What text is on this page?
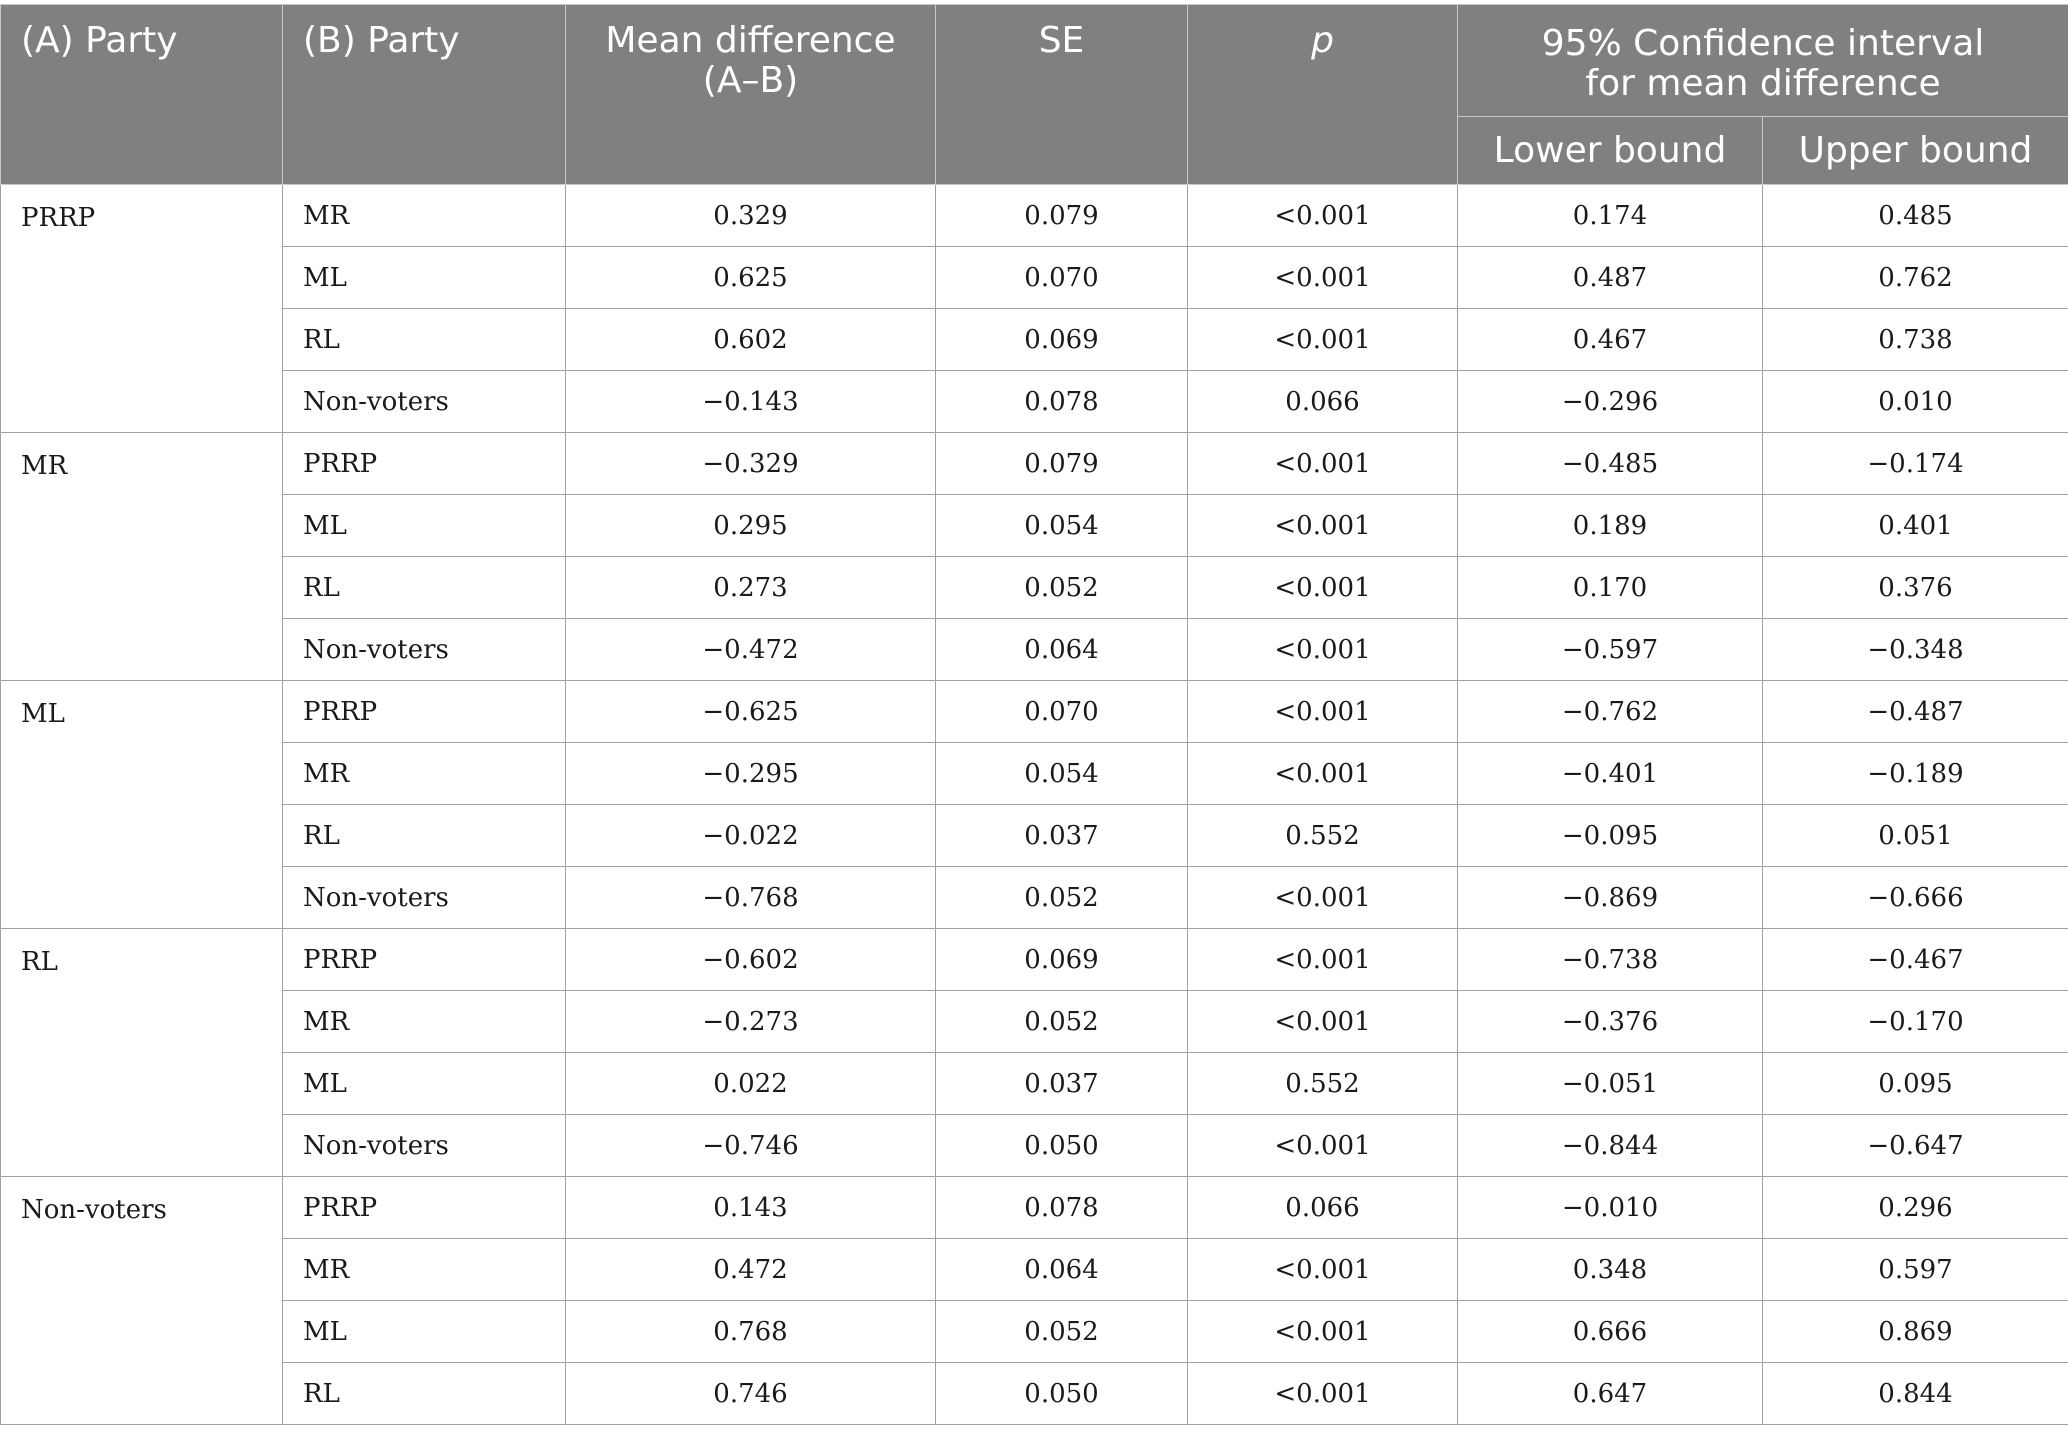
(A) Party	(B) Party	Mean difference (A–B)	SE	p	95% Confidence interval for mean difference	
					Lower bound	Upper bound
PRRP	MR	0.329	0.079	<0.001	0.174	0.485
	ML	0.625	0.070	<0.001	0.487	0.762
	RL	0.602	0.069	<0.001	0.467	0.738
	Non-voters	−0.143	0.078	0.066	−0.296	0.010
MR	PRRP	−0.329	0.079	<0.001	−0.485	−0.174
	ML	0.295	0.054	<0.001	0.189	0.401
	RL	0.273	0.052	<0.001	0.170	0.376
	Non-voters	−0.472	0.064	<0.001	−0.597	−0.348
ML	PRRP	−0.625	0.070	<0.001	−0.762	−0.487
	MR	−0.295	0.054	<0.001	−0.401	−0.189
	RL	−0.022	0.037	0.552	−0.095	0.051
	Non-voters	−0.768	0.052	<0.001	−0.869	−0.666
RL	PRRP	−0.602	0.069	<0.001	−0.738	−0.467
	MR	−0.273	0.052	<0.001	−0.376	−0.170
	ML	0.022	0.037	0.552	−0.051	0.095
	Non-voters	−0.746	0.050	<0.001	−0.844	−0.647
Non-voters	PRRP	0.143	0.078	0.066	−0.010	0.296
	MR	0.472	0.064	<0.001	0.348	0.597
	ML	0.768	0.052	<0.001	0.666	0.869
	RL	0.746	0.050	<0.001	0.647	0.844
